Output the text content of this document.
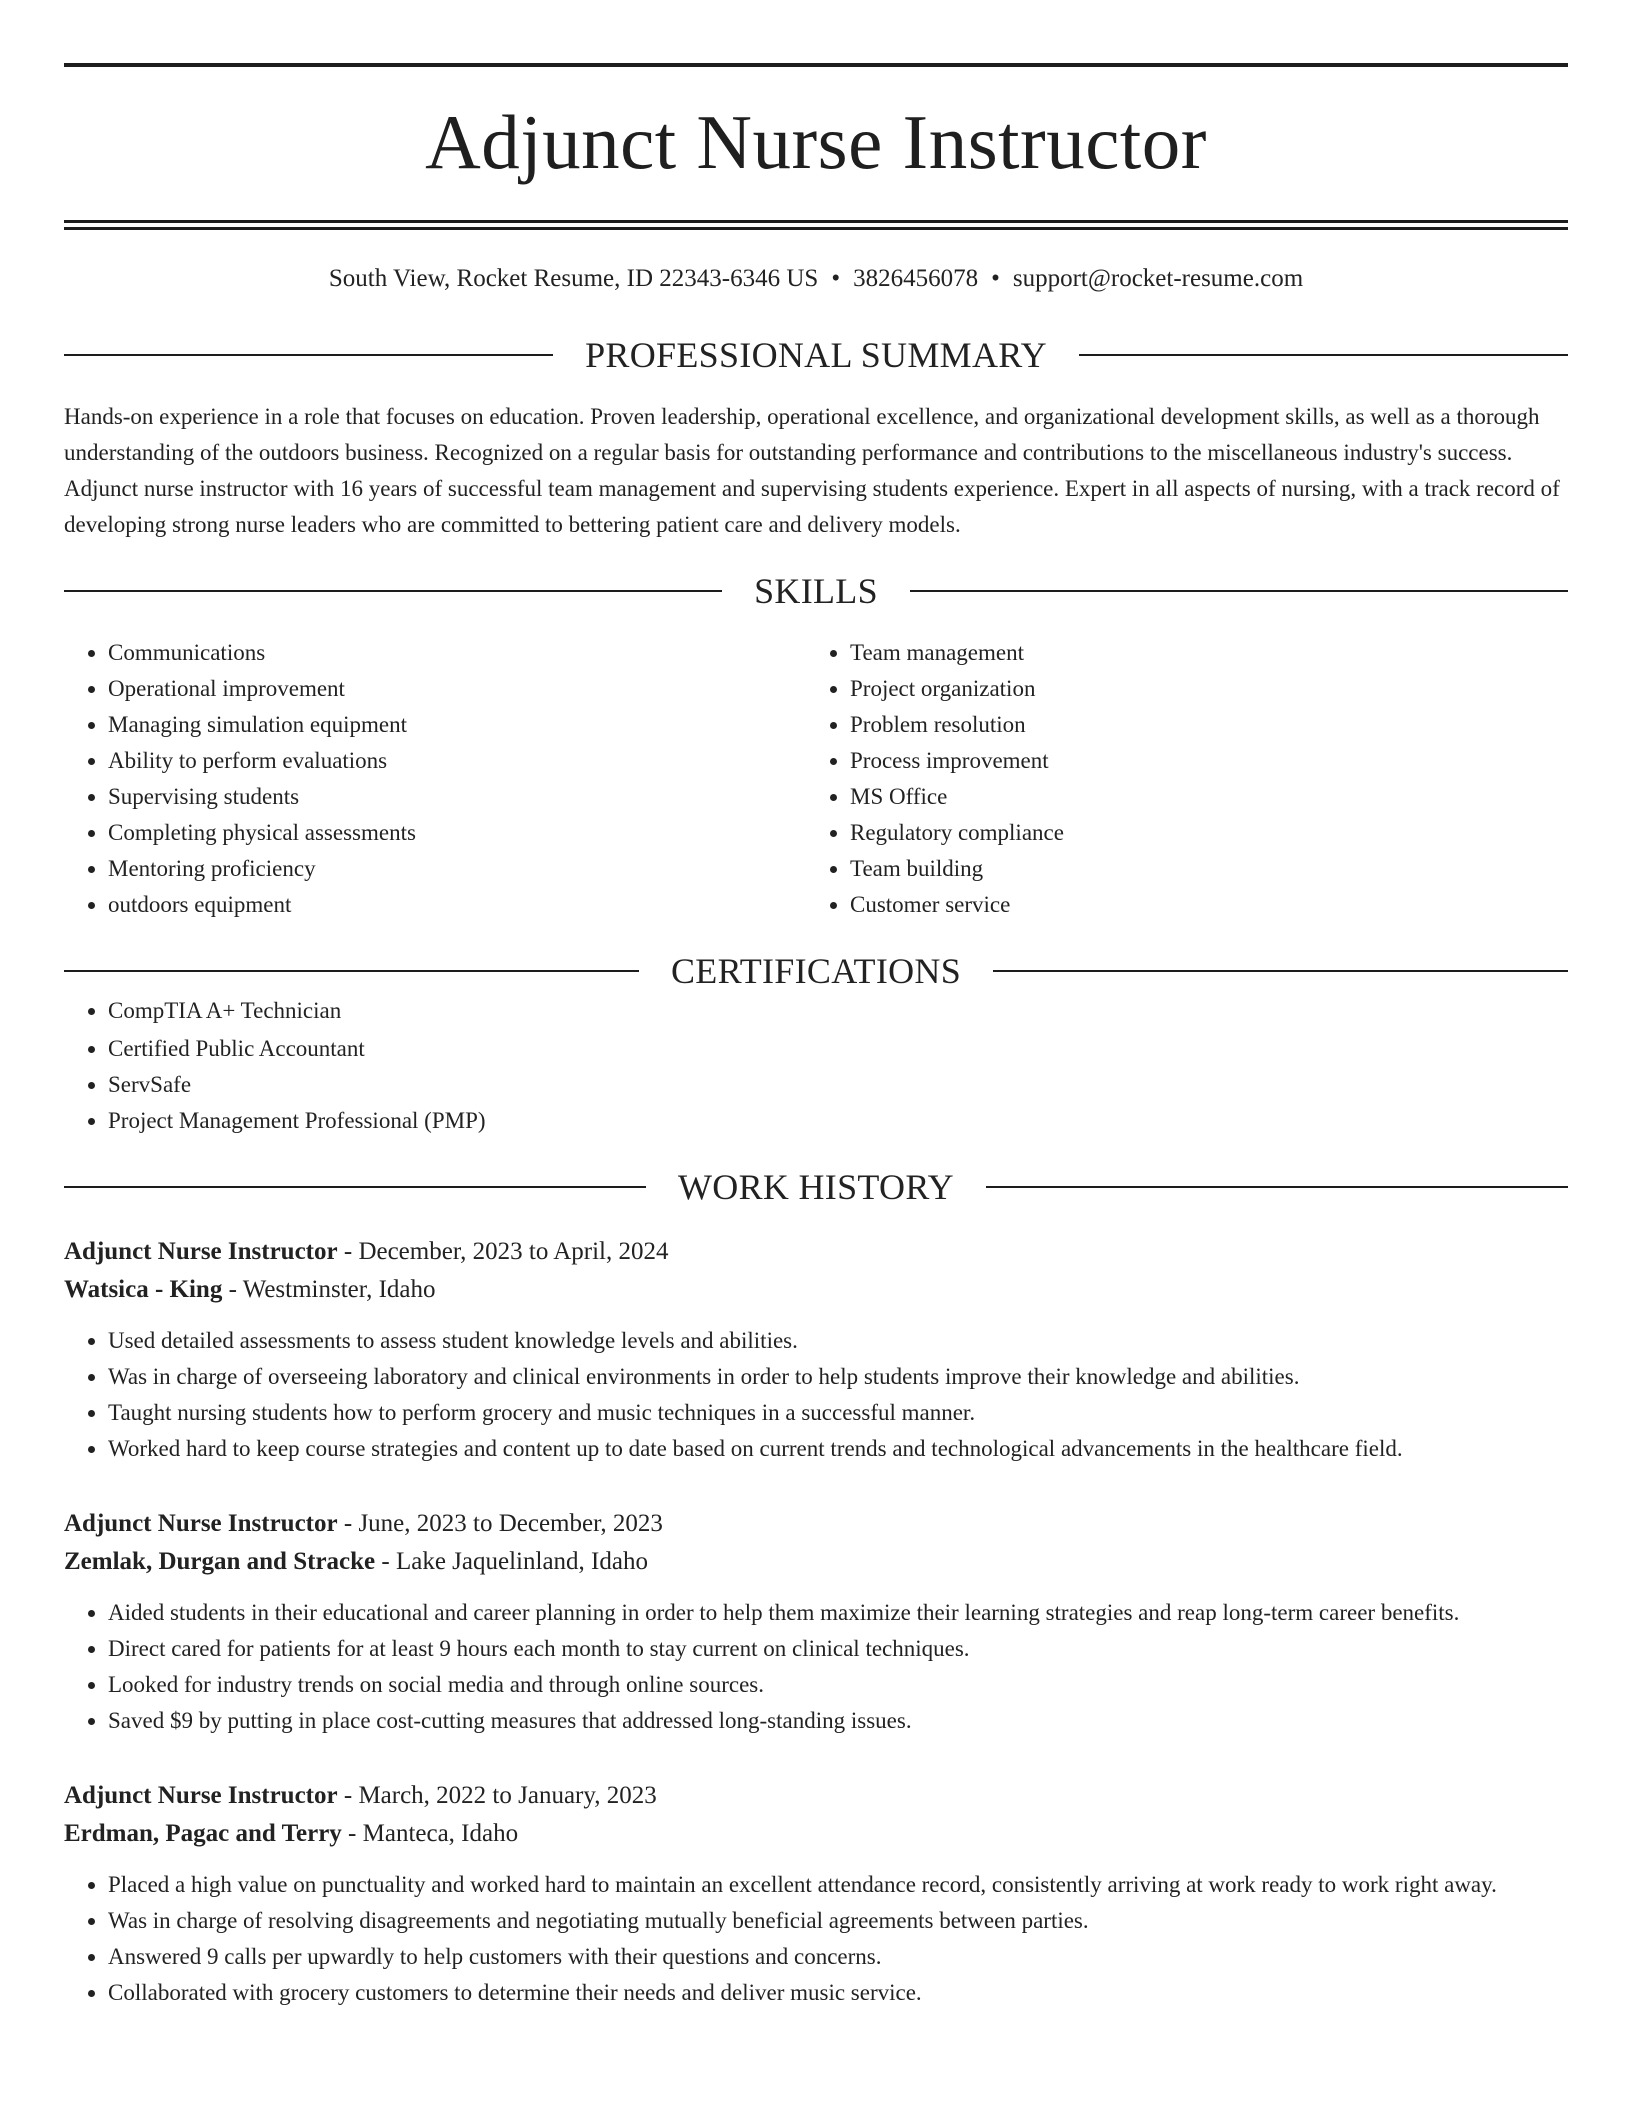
Adjunct Nurse Instructor
South View, Rocket Resume, ID 22343-6346 US • 3826456078 • support@rocket-resume.com
PROFESSIONAL SUMMARY

Hands-on experience in a role that focuses on education. Proven leadership, operational excellence, and organizational development skills, as well as a thorough understanding of the outdoors business. Recognized on a regular basis for outstanding performance and contributions to the miscellaneous industry's success. Adjunct nurse instructor with 16 years of successful team management and supervising students experience. Expert in all aspects of nursing, with a track record of developing strong nurse leaders who are committed to bettering patient care and delivery models.

SKILLS
• Communications
• Operational improvement
• Managing simulation equipment
• Ability to perform evaluations
• Supervising students
• Completing physical assessments
• Mentoring proficiency
• outdoors equipment
• Team management
• Project organization
• Problem resolution
• Process improvement
• MS Office
• Regulatory compliance
• Team building
• Customer service
CERTIFICATIONS
• CompTIA A+ Technician
• Certified Public Accountant
• ServSafe
• Project Management Professional (PMP)
WORK HISTORY
Adjunct Nurse Instructor - December, 2023 to April, 2024
Watsica - King - Westminster, Idaho
• Used detailed assessments to assess student knowledge levels and abilities.
• Was in charge of overseeing laboratory and clinical environments in order to help students improve their knowledge and abilities.
• Taught nursing students how to perform grocery and music techniques in a successful manner.
• Worked hard to keep course strategies and content up to date based on current trends and technological advancements in the healthcare field.
Adjunct Nurse Instructor - June, 2023 to December, 2023
Zemlak, Durgan and Stracke - Lake Jaquelinland, Idaho
• Aided students in their educational and career planning in order to help them maximize their learning strategies and reap long-term career benefits.
• Direct cared for patients for at least 9 hours each month to stay current on clinical techniques.
• Looked for industry trends on social media and through online sources.
• Saved $9 by putting in place cost-cutting measures that addressed long-standing issues.
Adjunct Nurse Instructor - March, 2022 to January, 2023
Erdman, Pagac and Terry - Manteca, Idaho
• Placed a high value on punctuality and worked hard to maintain an excellent attendance record, consistently arriving at work ready to work right away.
• Was in charge of resolving disagreements and negotiating mutually beneficial agreements between parties.
• Answered 9 calls per upwardly to help customers with their questions and concerns.
• Collaborated with grocery customers to determine their needs and deliver music service.
